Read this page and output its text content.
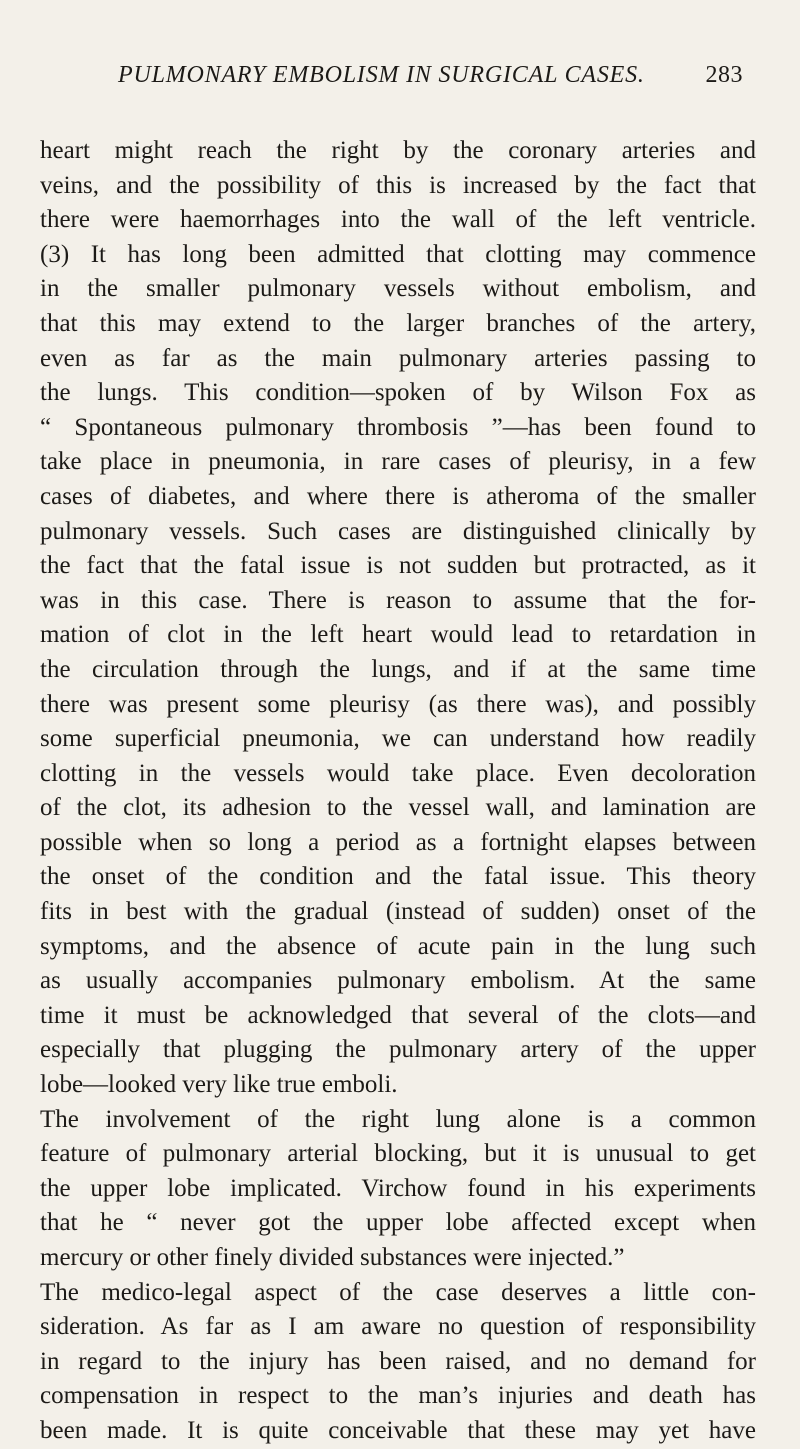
PULMONARY EMBOLISM IN SURGICAL CASES.	283
heart might reach the right by the coronary arteries and
veins, and the possibility of this is increased by the fact that
there were haemorrhages into the wall of the left ventricle.
(3) It has long been admitted that clotting may commence
in the smaller pulmonary vessels without embolism, and
that this may extend to the larger branches of the artery,
even as far as the main pulmonary arteries passing to
the lungs. This condition—spoken of by Wilson Fox as
“ Spontaneous pulmonary thrombosis ”—has been found to
take place in pneumonia, in rare cases of pleurisy, in a few
cases of diabetes, and where there is atheroma of the smaller
pulmonary vessels. Such cases are distinguished clinically by
the fact that the fatal issue is not sudden but protracted, as it
was in this case. There is reason to assume that the for-
mation of clot in the left heart would lead to retardation in
the circulation through the lungs, and if at the same time
there was present some pleurisy (as there was), and possibly
some superficial pneumonia, we can understand how readily
clotting in the vessels would take place. Even decoloration
of the clot, its adhesion to the vessel wall, and lamination are
possible when so long a period as a fortnight elapses between
the onset of the condition and the fatal issue. This theory
fits in best with the gradual (instead of sudden) onset of the
symptoms, and the absence of acute pain in the lung such
as usually accompanies pulmonary embolism. At the same
time it must be acknowledged that several of the clots—and
especially that plugging the pulmonary artery of the upper
lobe—looked very like true emboli.
The involvement of the right lung alone is a common
feature of pulmonary arterial blocking, but it is unusual to get
the upper lobe implicated. Virchow found in his experiments
that he “ never got the upper lobe affected except when
mercury or other finely divided substances were injected.”
The medico-legal aspect of the case deserves a little con-
sideration. As far as I am aware no question of responsibility
in regard to the injury has been raised, and no demand for
compensation in respect to the man’s injuries and death has
been made. It is quite conceivable that these may yet have
